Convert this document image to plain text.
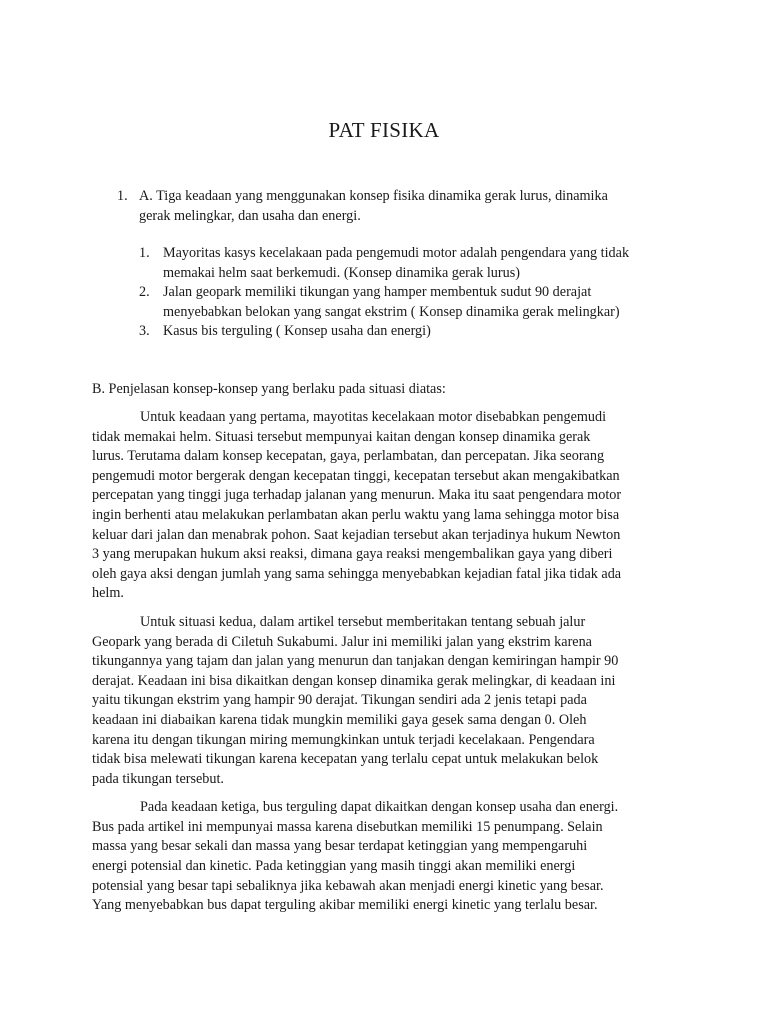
PAT FISIKA
1. A. Tiga keadaan yang menggunakan konsep fisika dinamika gerak lurus, dinamika
gerak melingkar, dan usaha dan energi.
1. Mayoritas kasys kecelakaan pada pengemudi motor adalah pengendara yang tidak
memakai helm saat berkemudi. (Konsep dinamika gerak lurus)
2. Jalan geopark memiliki tikungan yang hamper membentuk sudut 90 derajat
menyebabkan belokan yang sangat ekstrim ( Konsep dinamika gerak melingkar)
3. Kasus bis terguling ( Konsep usaha dan energi)
B. Penjelasan konsep-konsep yang berlaku pada situasi diatas:
Untuk keadaan yang pertama, mayotitas kecelakaan motor disebabkan pengemudi
tidak memakai helm. Situasi tersebut mempunyai kaitan dengan konsep dinamika gerak
lurus. Terutama dalam konsep kecepatan, gaya, perlambatan, dan percepatan. Jika seorang
pengemudi motor bergerak dengan kecepatan tinggi, kecepatan tersebut akan mengakibatkan
percepatan yang tinggi juga terhadap jalanan yang menurun. Maka itu saat pengendara motor
ingin berhenti atau melakukan perlambatan akan perlu waktu yang lama sehingga motor bisa
keluar dari jalan dan menabrak pohon. Saat kejadian tersebut akan terjadinya hukum Newton
3 yang merupakan hukum aksi reaksi, dimana gaya reaksi mengembalikan gaya yang diberi
oleh gaya aksi dengan jumlah yang sama sehingga menyebabkan kejadian fatal jika tidak ada
helm.
Untuk situasi kedua, dalam artikel tersebut memberitakan tentang sebuah jalur
Geopark yang berada di Ciletuh Sukabumi. Jalur ini memiliki jalan yang ekstrim karena
tikungannya yang tajam dan jalan yang menurun dan tanjakan dengan kemiringan hampir 90
derajat. Keadaan ini bisa dikaitkan dengan konsep dinamika gerak melingkar, di keadaan ini
yaitu tikungan ekstrim yang hampir 90 derajat. Tikungan sendiri ada 2 jenis tetapi pada
keadaan ini diabaikan karena tidak mungkin memiliki gaya gesek sama dengan 0. Oleh
karena itu dengan tikungan miring memungkinkan untuk terjadi kecelakaan. Pengendara
tidak bisa melewati tikungan karena kecepatan yang terlalu cepat untuk melakukan belok
pada tikungan tersebut.
Pada keadaan ketiga, bus terguling dapat dikaitkan dengan konsep usaha dan energi.
Bus pada artikel ini mempunyai massa karena disebutkan memiliki 15 penumpang. Selain
massa yang besar sekali dan massa yang besar terdapat ketinggian yang mempengaruhi
energi potensial dan kinetic. Pada ketinggian yang masih tinggi akan memiliki energi
potensial yang besar tapi sebaliknya jika kebawah akan menjadi energi kinetic yang besar.
Yang menyebabkan bus dapat terguling akibar memiliki energi kinetic yang terlalu besar.
